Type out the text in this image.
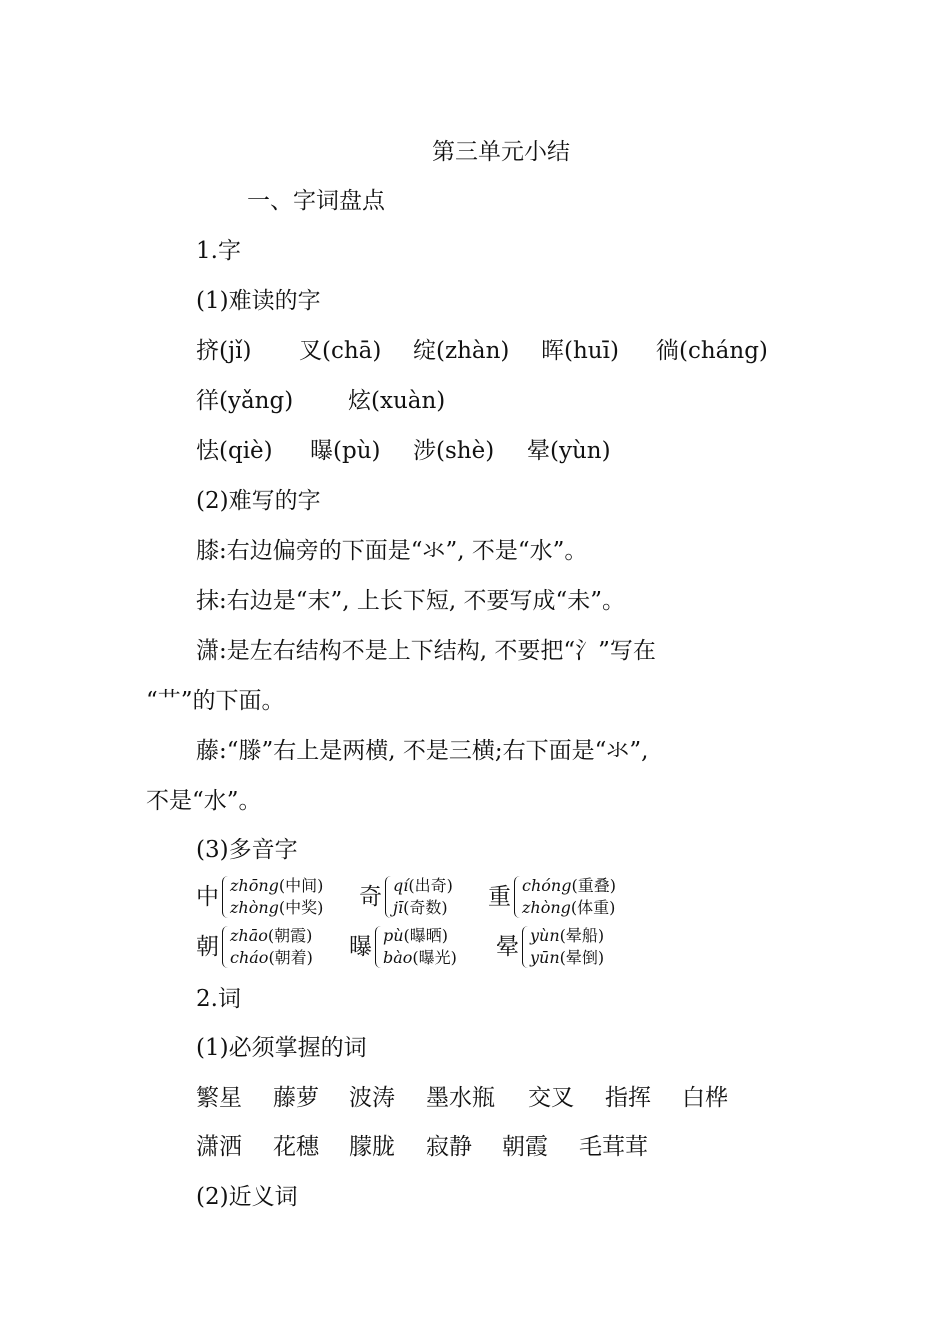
第三单元小结
一、字词盘点
1.字
(1)难读的字
挤(jǐ) 叉(chā) 绽(zhàn) 晖(huī) 徜(cháng)
徉(yǎng) 炫(xuàn)
怯(qiè) 曝(pù) 涉(shè) 晕(yùn)
(2)难写的字
膝:右边偏旁的下面是“氺”, 不是“水”。
抹:右边是“末”, 上长下短, 不要写成“未”。
潇:是左右结构不是上下结构, 不要把“氵”写在
“艹”的下面。
藤:“滕”右上是两横, 不是三横;右下面是“氺”,
不是“水”。
(3)多音字
中 zhōng(中间)
zhòng(中奖) 奇 qí(出奇)
jī(奇数) 重 chóng(重叠)
zhòng(体重)
朝 zhāo(朝霞)
cháo(朝着) 曝 pù(曝晒)
bào(曝光) 晕 yùn(晕船)
yūn(晕倒)
2.词
(1)必须掌握的词
繁星 藤萝 波涛 墨水瓶 交叉 指挥 白桦
潇洒 花穗 朦胧 寂静 朝霞 毛茸茸
(2)近义词
